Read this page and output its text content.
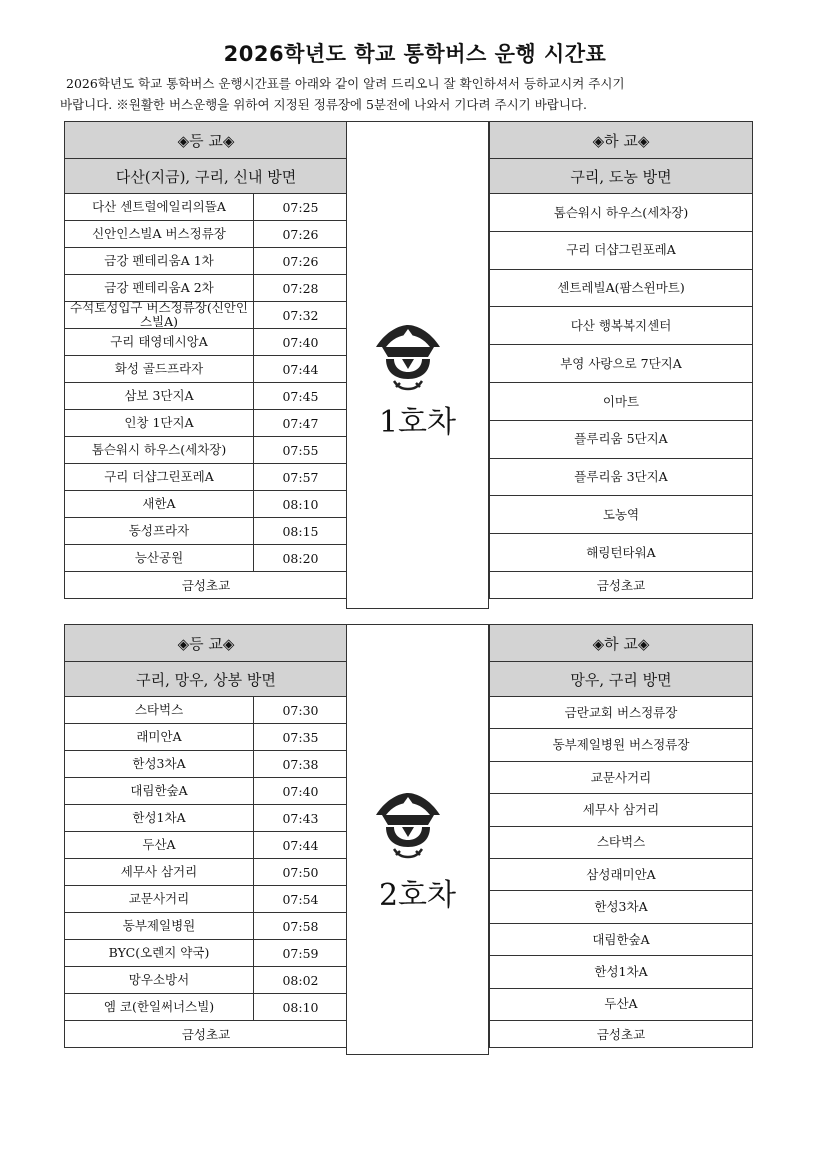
2026학년도 학교 통학버스 운행 시간표
2026학년도 학교 통학버스 운행시간표를 아래와 같이 알려 드리오니 잘 확인하셔서 등하교시켜 주시기
바랍니다. ※원활한 버스운행을 위하여 지정된 정류장에 5분전에 나와서 기다려 주시기 바랍니다.
◈등 교◈
다산(지금), 구리, 신내 방면
다산 센트럴에일리의뜰A	07:25
신안인스빌A 버스정류장	07:26
금강 펜테리움A 1차	07:26
금강 펜테리움A 2차	07:28
수석토성입구 버스정류장(신안인스빌A)	07:32
구리 태영데시앙A	07:40
화성 골드프라자	07:44
삼보 3단지A	07:45
인창 1단지A	07:47
톰슨워시 하우스(세차장)	07:55
구리 더샵그린포레A	07:57
새한A	08:10
동성프라자	08:15
능산공원	08:20
금성초교
1호차
◈하 교◈
구리, 도농 방면
톰슨워시 하우스(세차장)
구리 더샵그린포레A
센트레빌A(팜스윈마트)
다산 행복복지센터
부영 사랑으로 7단지A
이마트
플루리움 5단지A
플루리움 3단지A
도농역
해링턴타워A
금성초교
◈등 교◈
구리, 망우, 상봉 방면
스타벅스	07:30
래미안A	07:35
한성3차A	07:38
대림한숲A	07:40
한성1차A	07:43
두산A	07:44
세무사 삼거리	07:50
교문사거리	07:54
동부제일병원	07:58
BYC(오렌지 약국)	07:59
망우소방서	08:02
엠 코(한일써너스빌)	08:10
금성초교
2호차
◈하 교◈
망우, 구리 방면
금란교회 버스정류장
동부제일병원 버스정류장
교문사거리
세무사 삼거리
스타벅스
삼성래미안A
한성3차A
대림한숲A
한성1차A
두산A
금성초교
